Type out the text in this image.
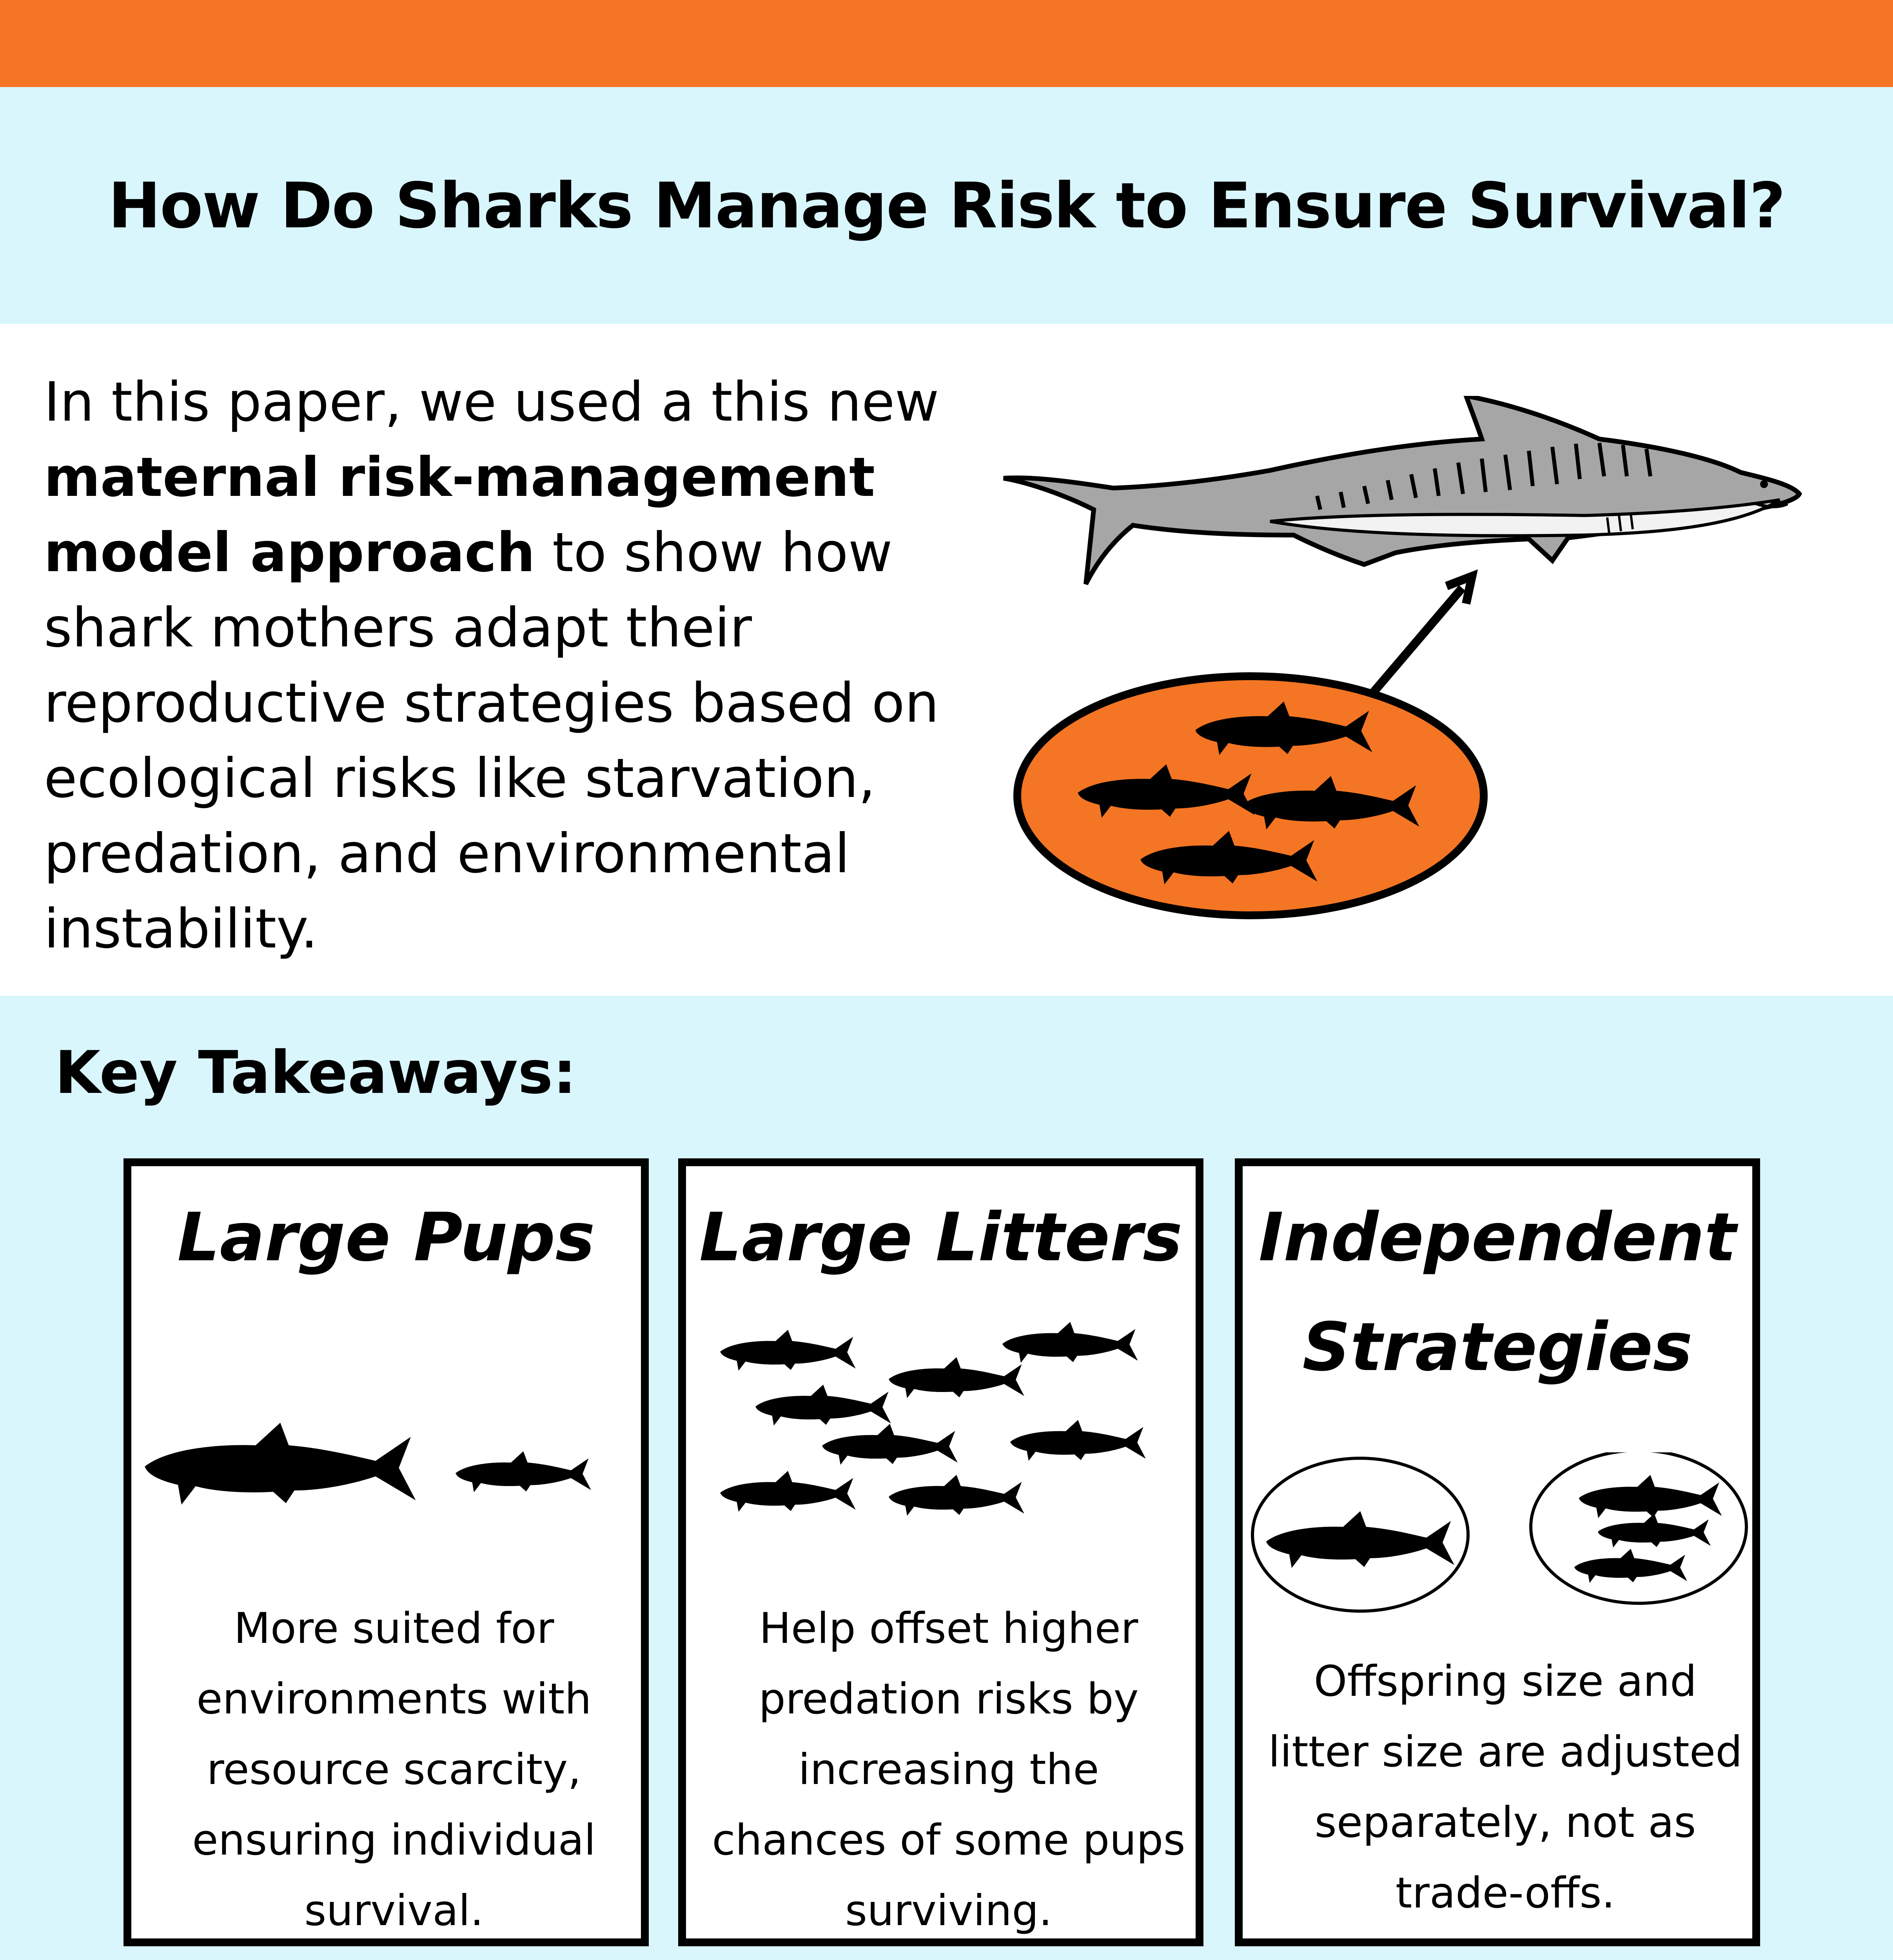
How Do Sharks Manage Risk to Ensure Survival?
In this paper, we used a this new maternal risk-management model approach to show how shark mothers adapt their reproductive strategies based on ecological risks like starvation, predation, and environmental instability.
Key Takeaways:
Large Pups
More suited for environments with resource scarcity, ensuring individual survival.
Large Litters
Help offset higher predation risks by increasing the chances of some pups surviving.
Independent
Strategies
Offspring size and litter size are adjusted separately, not as trade-offs.
